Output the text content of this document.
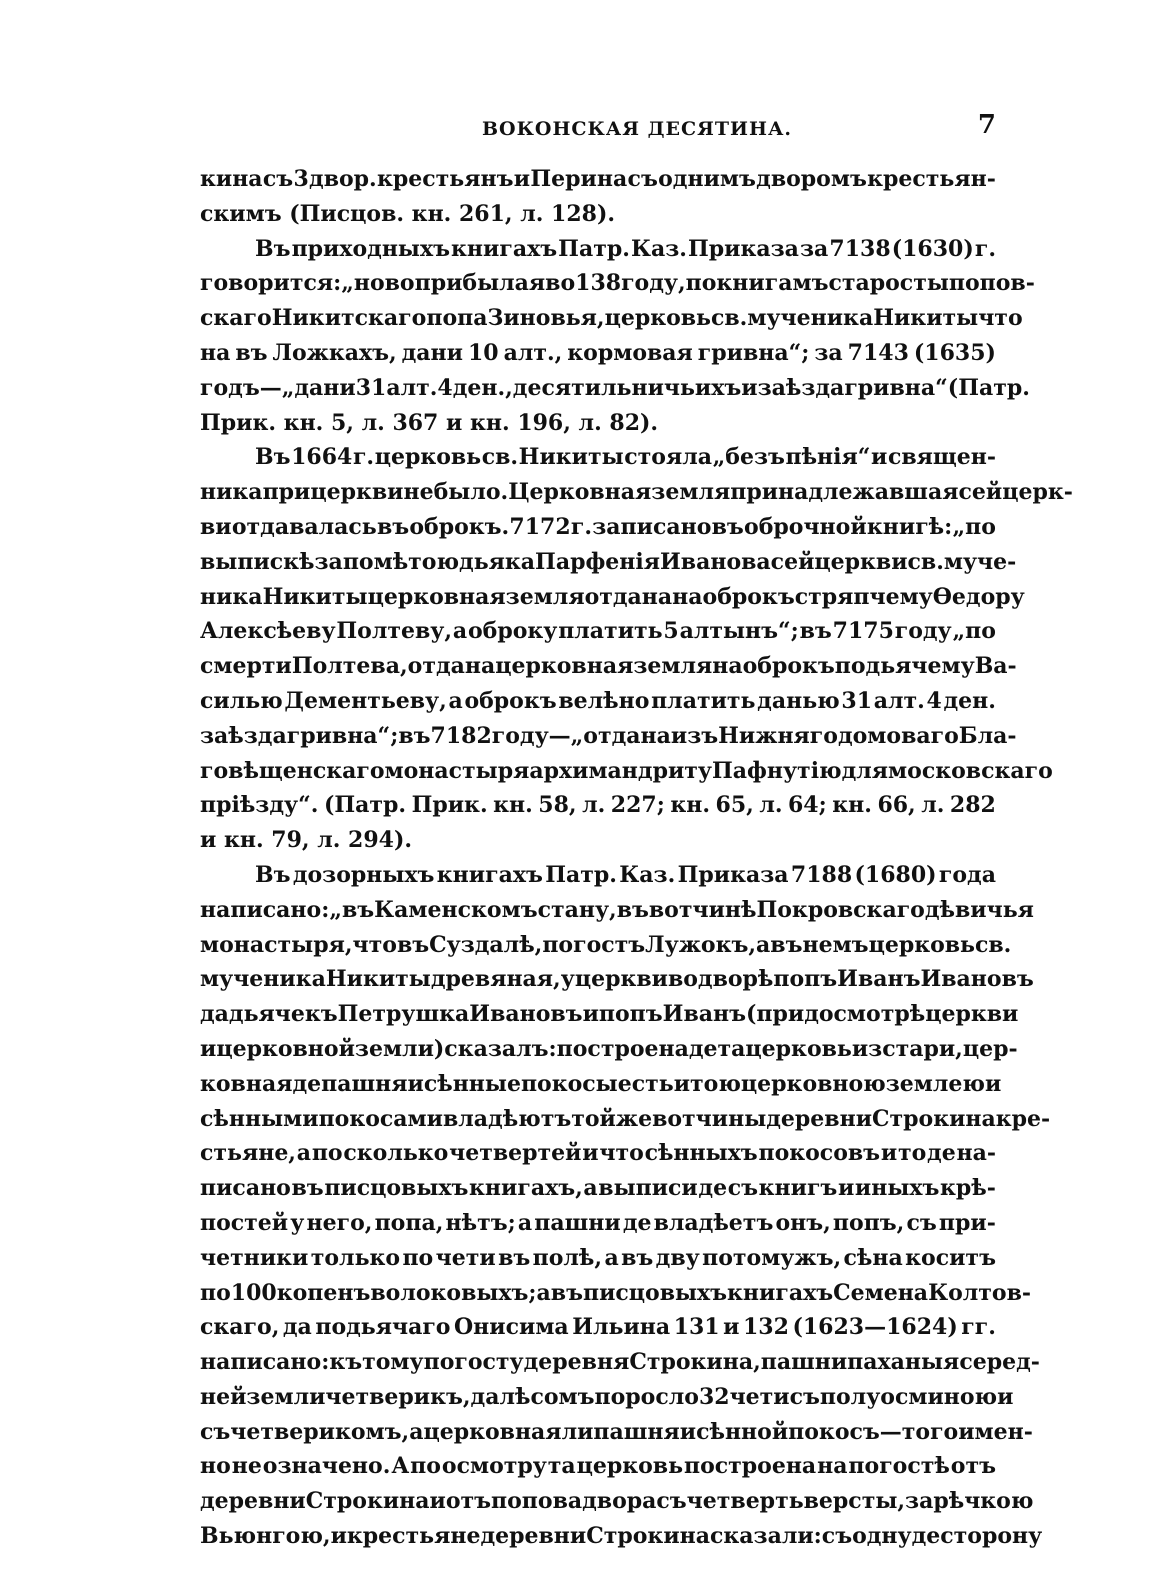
ВОКОНСКАЯ ДЕСЯТИНА.	7
кина съ 3 двор. крестьянъ и Перина съ однимъ дворомъ крестьян-
скимъ (Писцов. кн. 261, л. 128).
Въ приходныхъ книгахъ Патр. Каз. Приказа за 7138 (1630) г.
говорится: „новоприбылая во 138 году, по книгамъ старосты попов-
скаго Никитскаго попа Зиновья, церковь св. мученика Никиты что
на въ Ложкахъ, дани 10 алт., кормовая гривна“; за 7143 (1635)
годъ—„дани 31 алт. 4 ден., десятильничьихъ и заѣзда гривна“ (Патр.
Прик. кн. 5, л. 367 и кн. 196, л. 82).
Въ 1664 г. церковь св. Никиты стояла „безъ пѣнія“ и священ-
ника при церкви не было. Церковная земля принадлежавшая сей церк-
ви отдавалась въ оброкъ. 7172 г. записано въ оброчной книгѣ: „по
выпискѣ за помѣтою дьяка Парфенія Иванова сей церкви св. муче-
ника Никиты церковная земля отдана на оброкъ стряпчему Ѳедору
Алексѣеву Полтеву, а оброку платить 5 алтынъ“; въ 7175 году „по
смерти Полтева, отдана церковная земля на оброкъ подьячему Ва-
силью Дементьеву, а оброкъ велѣно платить данью 31 алт. 4 ден.
заѣзда гривна“; въ 7182 году—„отдана изъ Нижняго домоваго Бла-
говѣщенскаго монастыря архимандриту Пафнутію для московскаго
пріѣзду“. (Патр. Прик. кн. 58, л. 227; кн. 65, л. 64; кн. 66, л. 282
и кн. 79, л. 294).
Въ дозорныхъ книгахъ Патр. Каз. Приказа 7188 (1680) года
написано: „въ Каменскомъ стану, въ вотчинѣ Покровскаго дѣвичья
монастыря, что въ Суздалѣ, погостъ Лужокъ, а въ немъ церковь св.
мученика Никиты древяная, у церкви во дворѣ попъ Иванъ Ивановъ
да дьячекъ Петрушка Ивановъ и попъ Иванъ (при досмотрѣ церкви
и церковной земли) сказалъ: построена де та церковь изстари, цер-
ковная де пашня и сѣнные покосы есть и тою церковною землею и
сѣнными покосами владѣютъ той же вотчины деревни Строкина кре-
стьяне, а по сколько четвертей и что сѣнныхъ покосовъ и то де на-
писано въ писцовыхъ книгахъ, а выписи де съ книгъ и иныхъ крѣ-
постей у него, попа, нѣтъ; а пашни де владѣетъ онъ, попъ, съ при-
четники только по чети въ полѣ, а въ дву потомужъ, сѣна коситъ
по 100 копенъ волоковыхъ; а въ писцовыхъ книгахъ Семена Колтов-
скаго, да подьячаго Онисима Ильина 131 и 132 (1623—1624) гг.
написано: къ тому погосту деревня Строкина, пашни паханыя серед-
ней земли четверикъ, да лѣсомъ поросло 32 чети съ полуосминою и
съ четверикомъ, а церковная ли пашня и сѣнной покосъ—того имен-
но не означено. А по осмотру та церковь построена на погостѣ отъ
деревни Строкина и отъ попова двора съ четверть версты, за рѣчкою
Вьюнгою, и крестьяне деревни Строкина сказали: съ одну де сторону
